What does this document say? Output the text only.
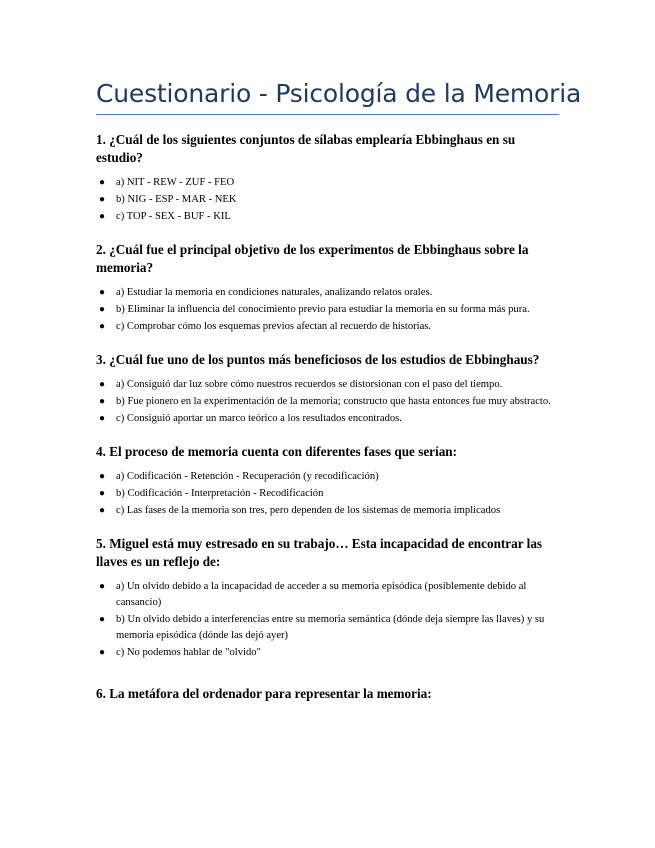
Cuestionario - Psicología de la Memoria

1. ¿Cuál de los siguientes conjuntos de sílabas emplearía Ebbinghaus en su estudio?

● a) NIT - REW - ZUF - FEO
● b) NIG - ESP - MAR - NEK
● c) TOP - SEX - BUF - KIL

2. ¿Cuál fue el principal objetivo de los experimentos de Ebbinghaus sobre la memoria?

● a) Estudiar la memoria en condiciones naturales, analizando relatos orales.
● b) Eliminar la influencia del conocimiento previo para estudiar la memoria en su forma más pura.
● c) Comprobar cómo los esquemas previos afectan al recuerdo de historias.

3. ¿Cuál fue uno de los puntos más beneficiosos de los estudios de Ebbinghaus?

● a) Consiguió dar luz sobre cómo nuestros recuerdos se distorsionan con el paso del tiempo.
● b) Fue pionero en la experimentación de la memoria; constructo que hasta entonces fue muy abstracto.
● c) Consiguió aportar un marco teórico a los resultados encontrados.

4. El proceso de memoria cuenta con diferentes fases que serían:

● a) Codificación - Retención - Recuperación (y recodificación)
● b) Codificación - Interpretación - Recodificación
● c) Las fases de la memoria son tres, pero dependen de los sistemas de memoria implicados

5. Miguel está muy estresado en su trabajo… Esta incapacidad de encontrar las llaves es un reflejo de:

● a) Un olvido debido a la incapacidad de acceder a su memoria episódica (posiblemente debido al cansancio)
● b) Un olvido debido a interferencias entre su memoria semántica (dónde deja siempre las llaves) y su memoria episódica (dónde las dejó ayer)
● c) No podemos hablar de "olvido"

6. La metáfora del ordenador para representar la memoria:
